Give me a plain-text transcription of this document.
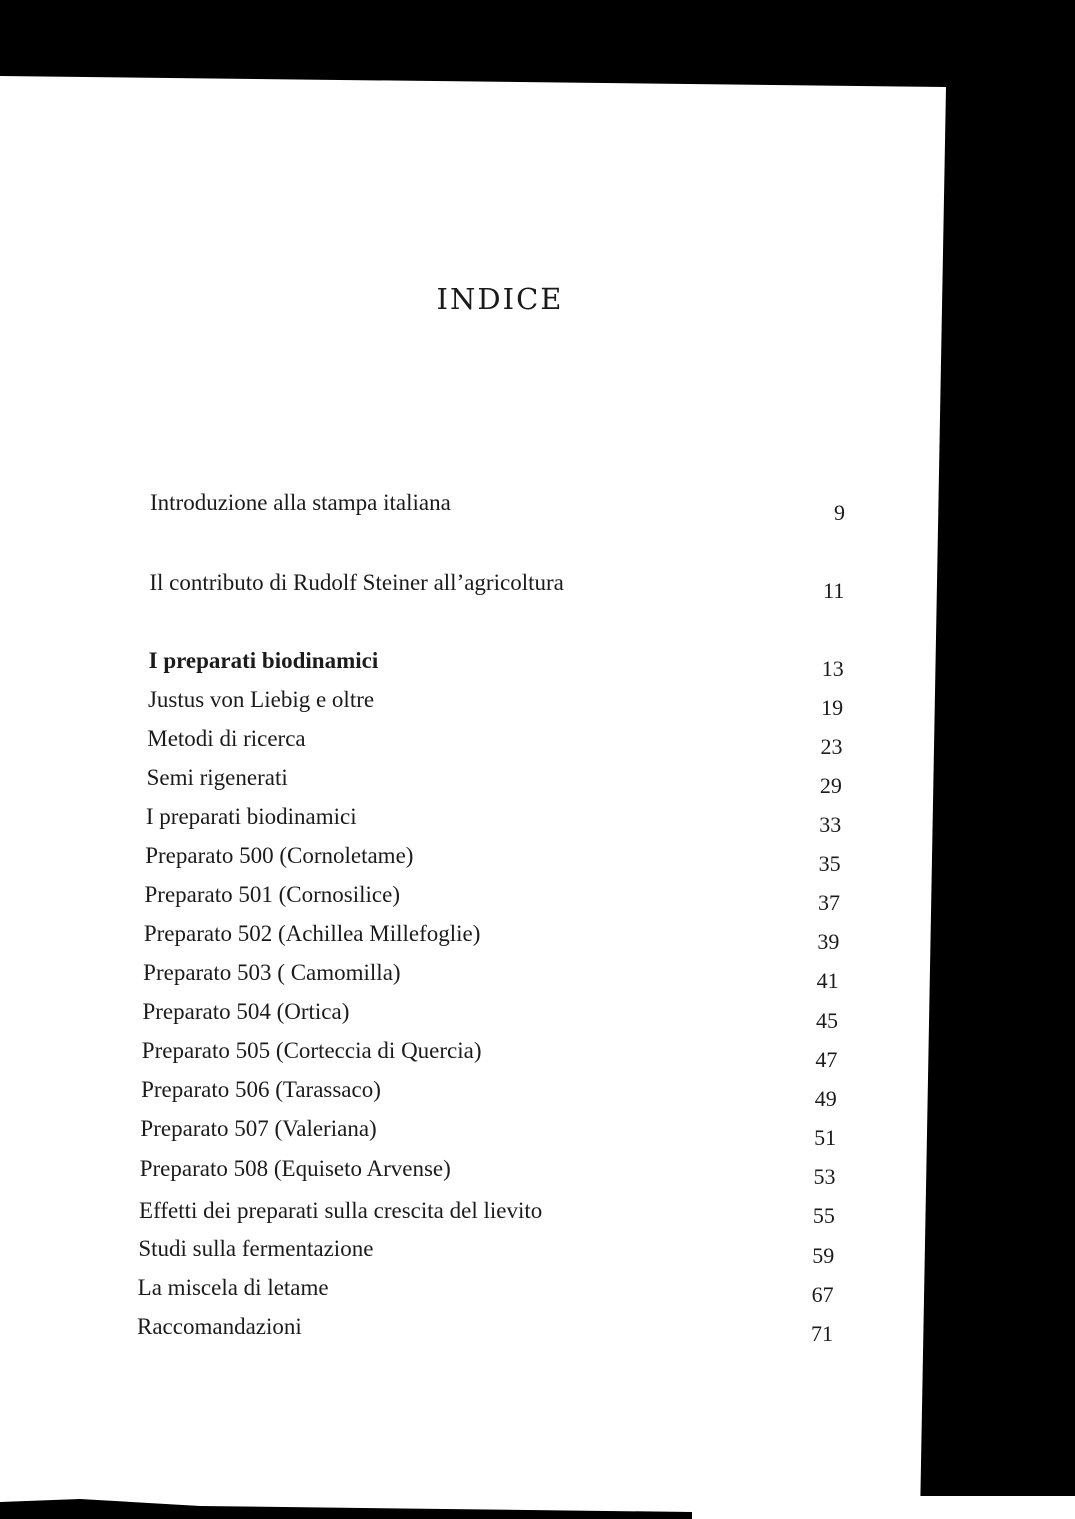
INDICE
Introduzione alla stampa italiana	9
Il contributo di Rudolf Steiner all’agricoltura	11
I preparati biodinamici	13
Justus von Liebig e oltre	19
Metodi di ricerca	23
Semi rigenerati	29
I preparati biodinamici	33
Preparato 500 (Cornoletame)	35
Preparato 501 (Cornosilice)	37
Preparato 502 (Achillea Millefoglie)	39
Preparato 503 ( Camomilla)	41
Preparato 504 (Ortica)	45
Preparato 505 (Corteccia di Quercia)	47
Preparato 506 (Tarassaco)	49
Preparato 507 (Valeriana)	51
Preparato 508 (Equiseto Arvense)	53
Effetti dei preparati sulla crescita del lievito	55
Studi sulla fermentazione	59
La miscela di letame	67
Raccomandazioni	71
